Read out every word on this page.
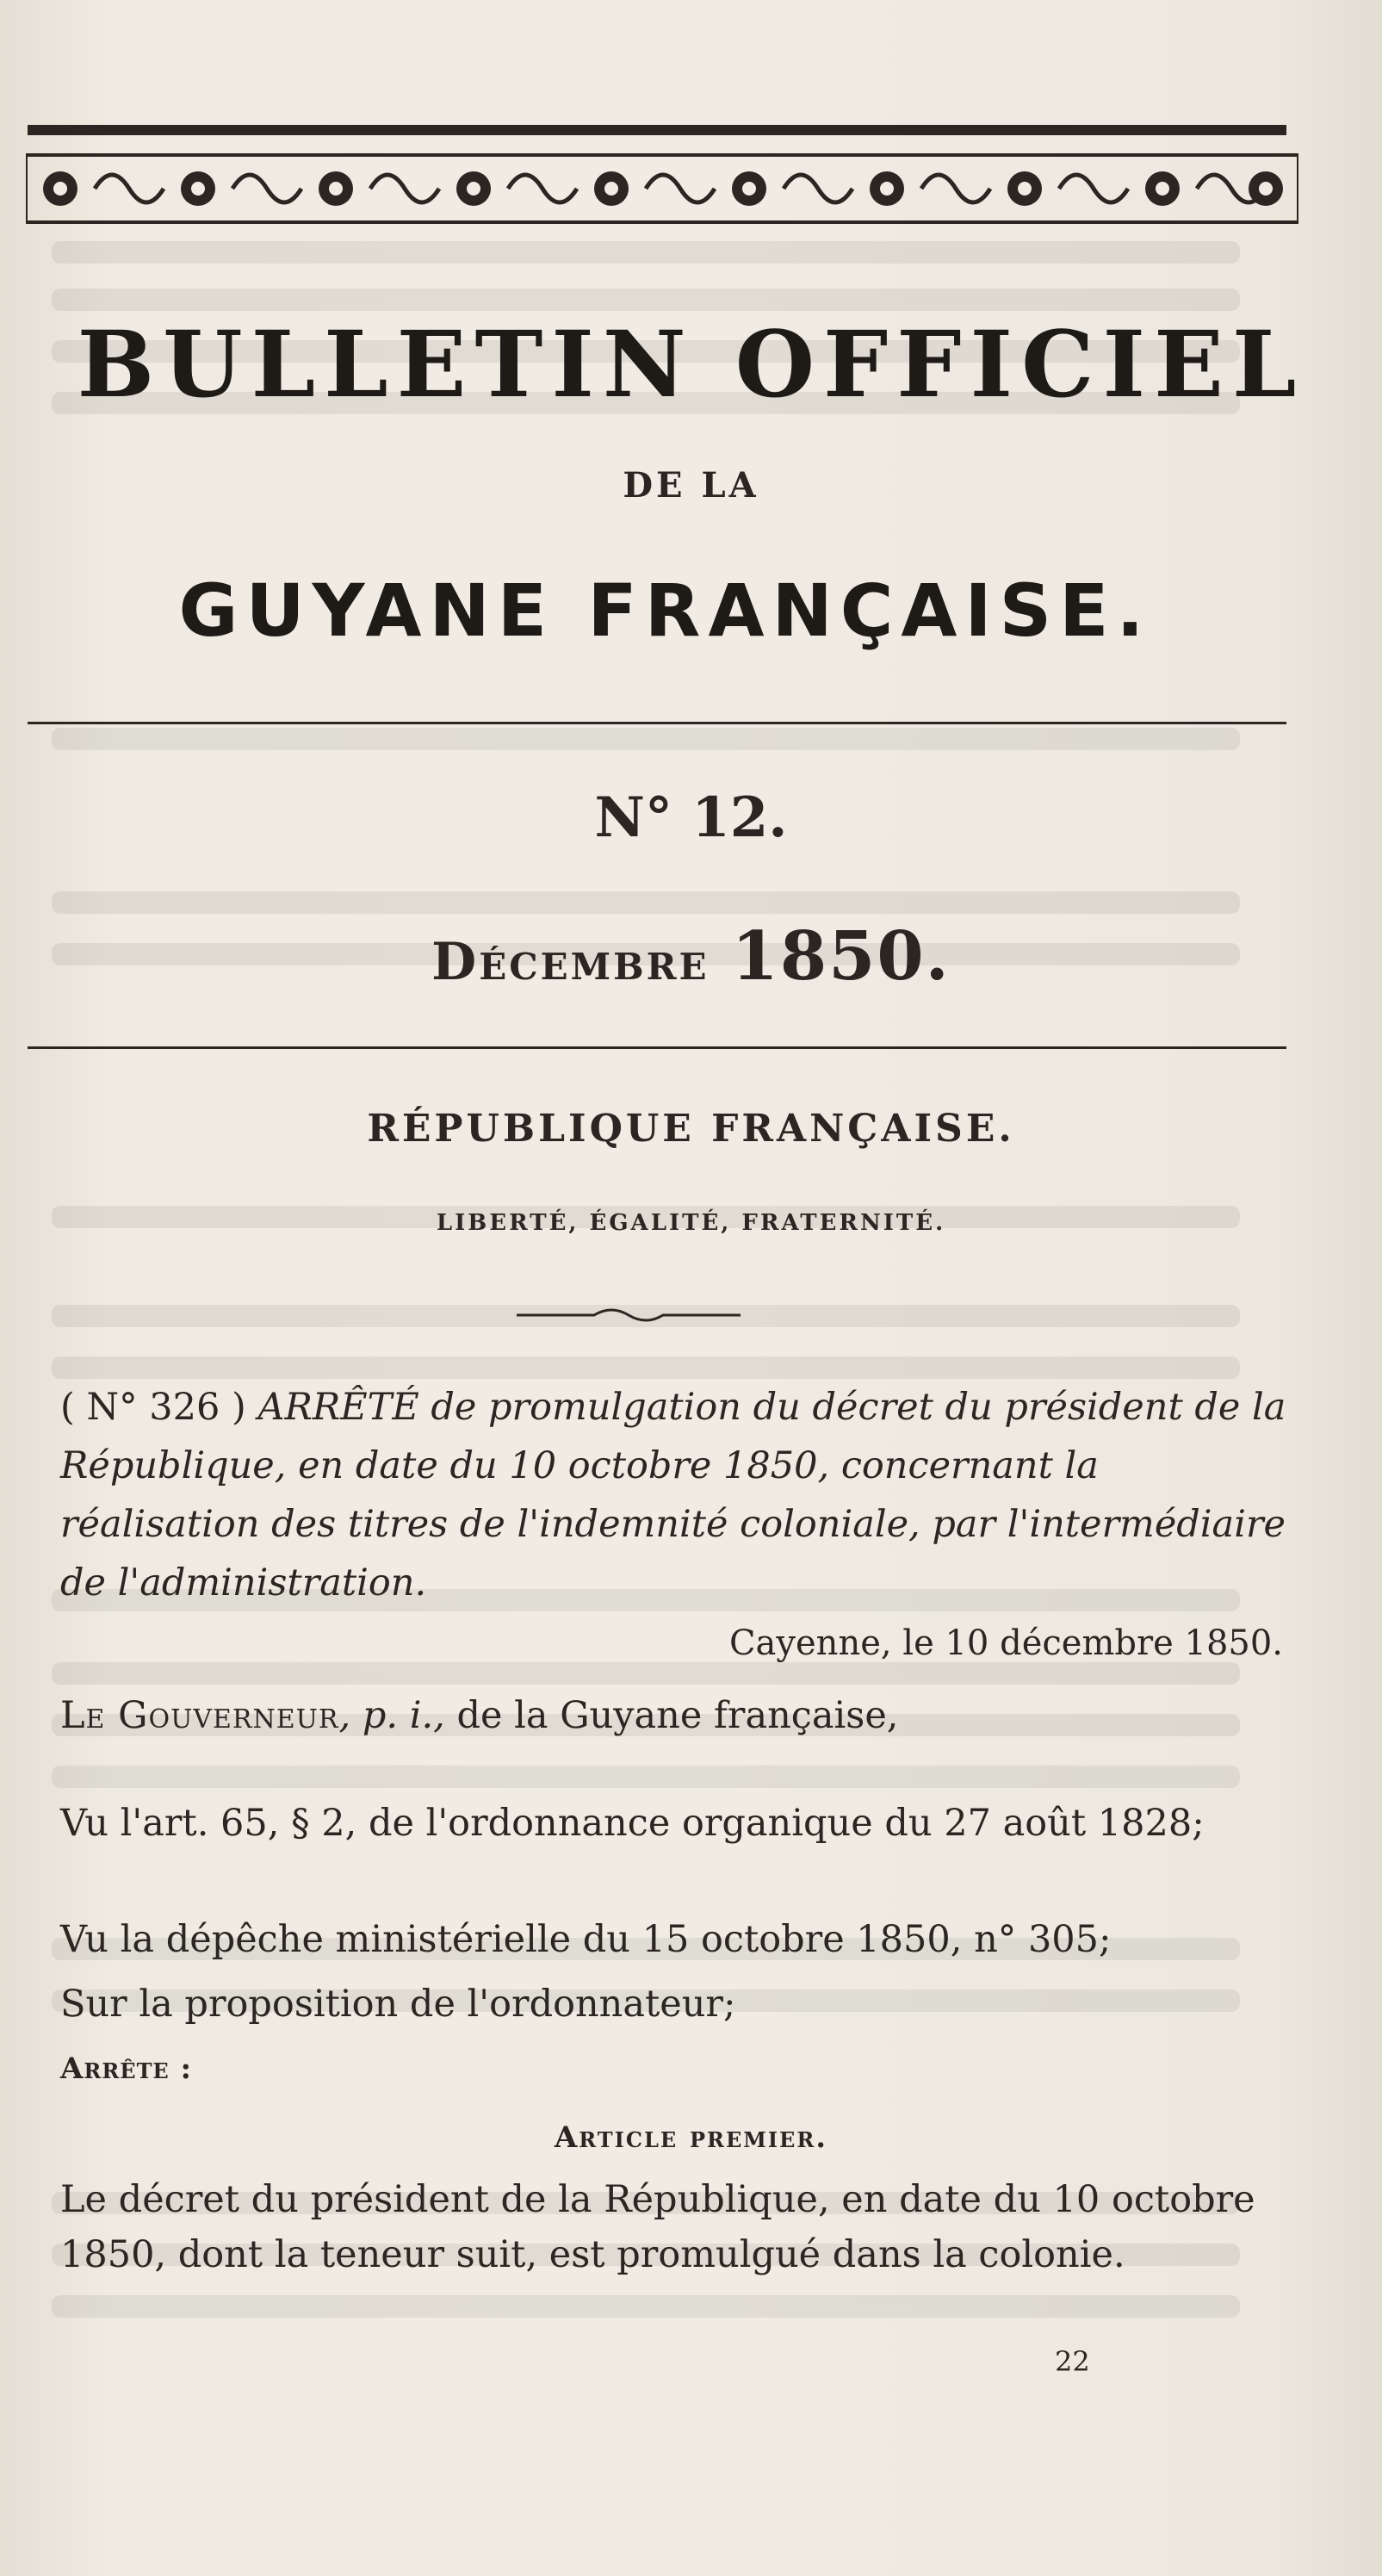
BULLETIN OFFICIEL
DE LA
GUYANE FRANÇAISE.
N° 12.
Décembre 1850.
RÉPUBLIQUE FRANÇAISE.
LIBERTÉ, ÉGALITÉ, FRATERNITÉ.
( N° 326 ) ARRÊTÉ de promulgation du décret du président de la République, en date du 10 octobre 1850, concernant la réalisation des titres de l'indemnité coloniale, par l'intermédiaire de l'administration.
Cayenne, le 10 décembre 1850.
Le Gouverneur, p. i., de la Guyane française,
Vu l'art. 65, § 2, de l'ordonnance organique du 27 août 1828;
Vu la dépêche ministérielle du 15 octobre 1850, n° 305;
Sur la proposition de l'ordonnateur;
Arrête :
Article premier.
Le décret du président de la République, en date du 10 octobre 1850, dont la teneur suit, est promulgué dans la colonie.
22
